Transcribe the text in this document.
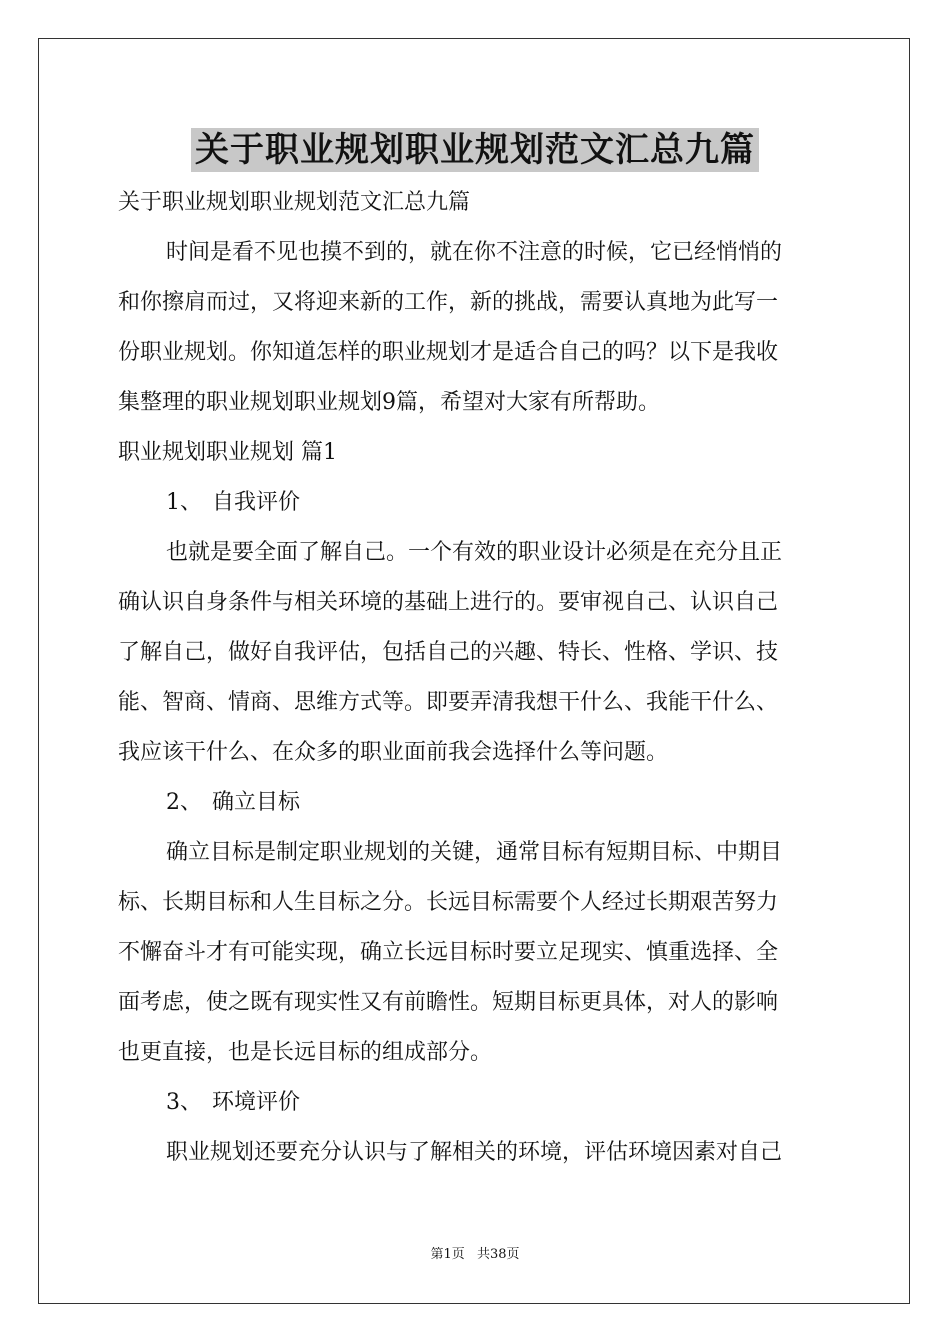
关于职业规划职业规划范文汇总九篇
关于职业规划职业规划范文汇总九篇
时间是看不见也摸不到的，就在你不注意的时候，它已经悄悄的
和你擦肩而过，又将迎来新的工作，新的挑战，需要认真地为此写一
份职业规划。你知道怎样的职业规划才是适合自己的吗？以下是我收
集整理的职业规划职业规划9篇，希望对大家有所帮助。
职业规划职业规划 篇1
1、 自我评价
也就是要全面了解自己。一个有效的职业设计必须是在充分且正
确认识自身条件与相关环境的基础上进行的。要审视自己、认识自己
了解自己，做好自我评估，包括自己的兴趣、特长、性格、学识、技
能、智商、情商、思维方式等。即要弄清我想干什么、我能干什么、
我应该干什么、在众多的职业面前我会选择什么等问题。
2、 确立目标
确立目标是制定职业规划的关键，通常目标有短期目标、中期目
标、长期目标和人生目标之分。长远目标需要个人经过长期艰苦努力
不懈奋斗才有可能实现，确立长远目标时要立足现实、慎重选择、全
面考虑，使之既有现实性又有前瞻性。短期目标更具体，对人的影响
也更直接，也是长远目标的组成部分。
3、 环境评价
职业规划还要充分认识与了解相关的环境，评估环境因素对自己
第1页 共38页
